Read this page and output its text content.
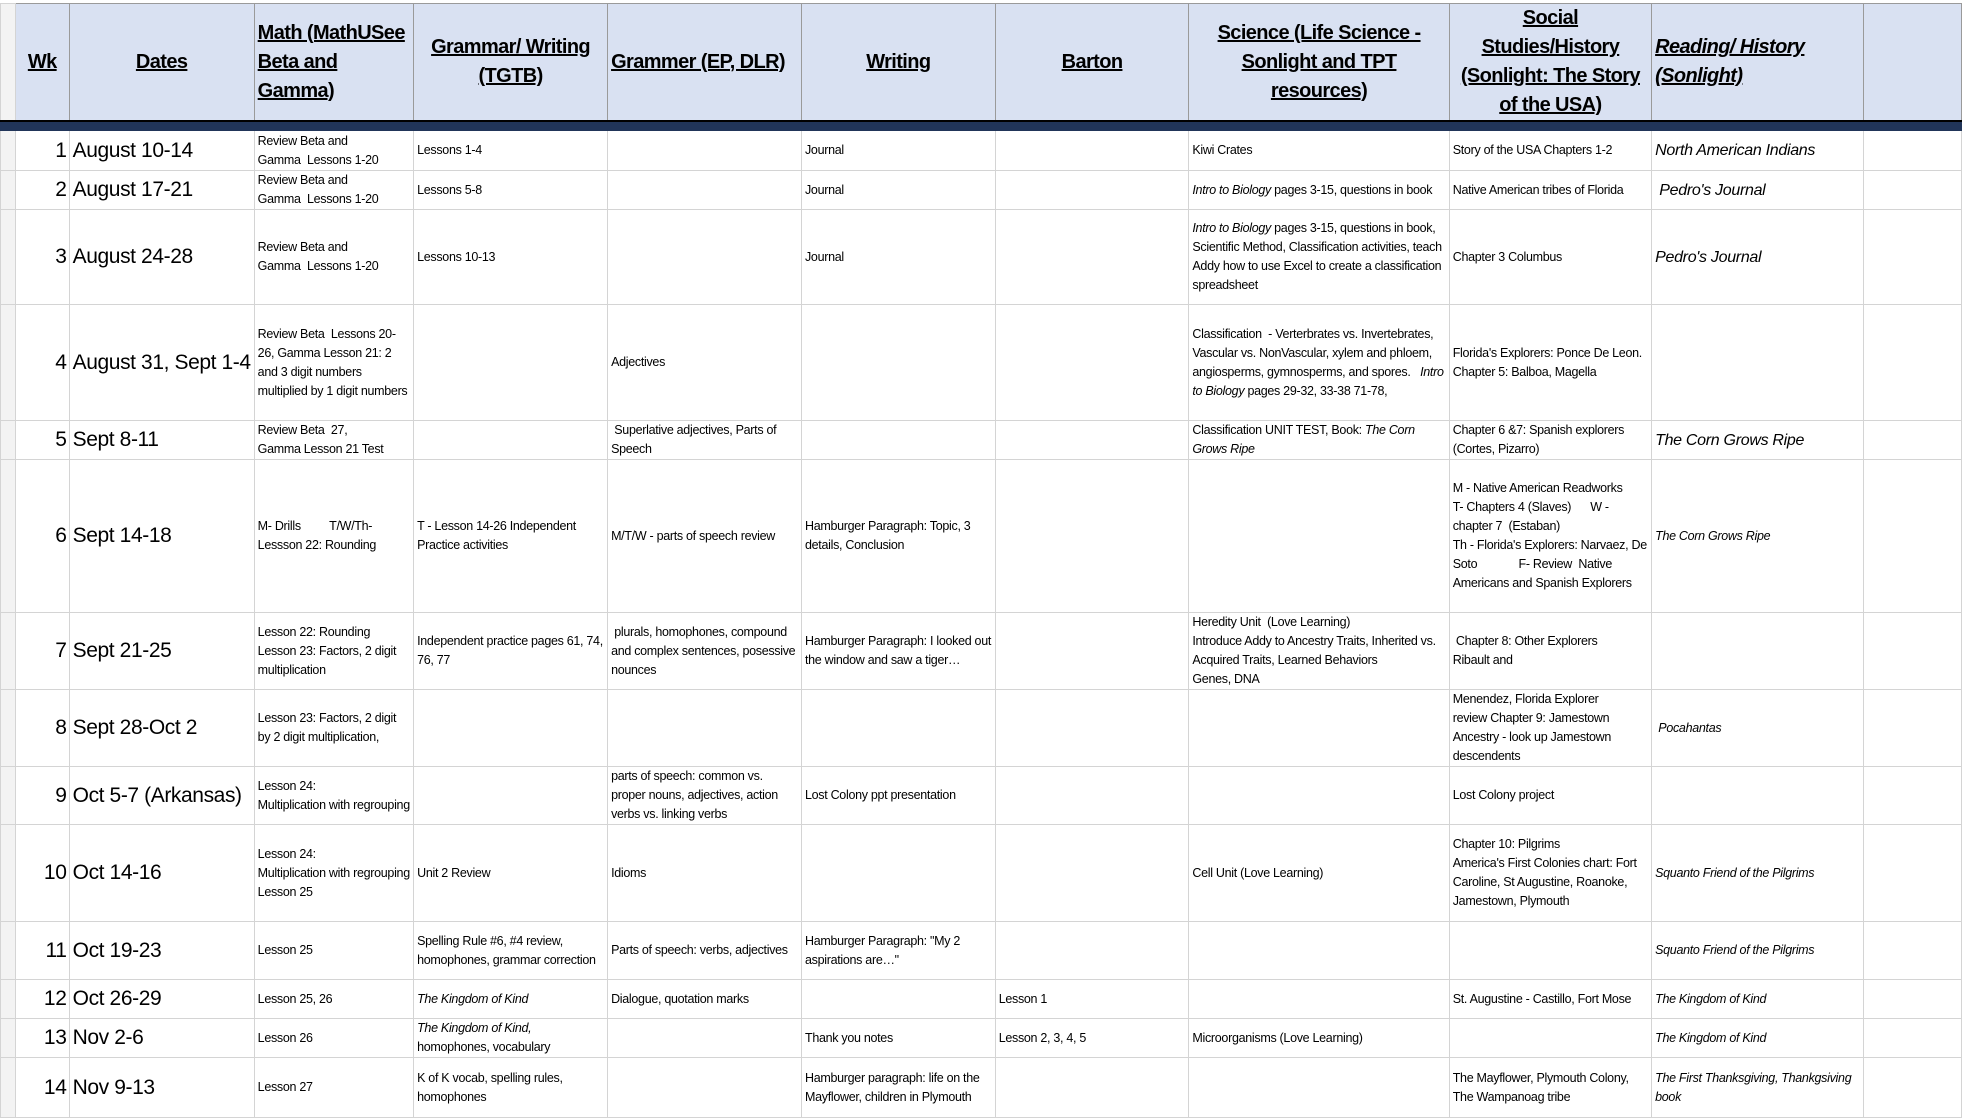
	Wk	Dates	Math (MathUSee Beta and Gamma)	Grammar/ Writing (TGTB)	Grammer (EP, DLR)	Writing	Barton	Science (Life Science - Sonlight and TPT resources)	Social Studies/History (Sonlight: The Story of the USA)	Reading/ History (Sonlight)	

	1	August 10-14	Review Beta and
Gamma  Lessons 1-20	Lessons 1-4		Journal		Kiwi Crates	Story of the USA Chapters 1-2	North American Indians	
	2	August 17-21	Review Beta and
Gamma  Lessons 1-20	Lessons 5-8		Journal		Intro to Biology pages 3-15, questions in book	Native American tribes of Florida	Pedro's Journal	
	3	August 24-28	Review Beta and
Gamma  Lessons 1-20	Lessons 10-13		Journal		Intro to Biology pages 3-15, questions in book, Scientific Method, Classification activities, teach Addy how to use Excel to create a classification spreadsheet	Chapter 3 Columbus	Pedro's Journal	
	4	August 31, Sept 1-4	Review Beta  Lessons 20-26, Gamma Lesson 21: 2 and 3 digit numbers multiplied by 1 digit numbers		Adjectives			Classification  - Verterbrates vs. Invertebrates, Vascular vs. NonVascular, xylem and phloem, angiosperms, gymnosperms, and spores.   Intro to Biology pages 29-32, 33-38 71-78,	Florida's Explorers: Ponce De Leon. Chapter 5: Balboa, Magella		
	5	Sept 8-11	Review Beta  27,
Gamma Lesson 21 Test		Superlative adjectives, Parts of Speech			Classification UNIT TEST, Book: The Corn Grows Ripe	Chapter 6 &7: Spanish explorers (Cortes, Pizarro)	The Corn Grows Ripe	
	6	Sept 14-18	M- Drills         T/W/Th- Lessson 22: Rounding	T - Lesson 14-26 Independent Practice activities	M/T/W - parts of speech review	Hamburger Paragraph: Topic, 3 details, Conclusion			M - Native American Readworks                T- Chapters 4 (Slaves)      W -chapter 7  (Estaban)
Th - Florida's Explorers: Narvaez, De Soto             F- Review  Native Americans and Spanish Explorers	The Corn Grows Ripe	
	7	Sept 21-25	Lesson 22: Rounding
Lesson 23: Factors, 2 digit multiplication	Independent practice pages 61, 74, 76, 77	plurals, homophones, compound and complex sentences, posessive nounces	Hamburger Paragraph: I looked out the window and saw a tiger…		Heredity Unit  (Love Learning)
Introduce Addy to Ancestry Traits, Inherited vs. Acquired Traits, Learned Behaviors                        Genes, DNA	Chapter 8: Other Explorers
Ribault and		
	8	Sept 28-Oct 2	Lesson 23: Factors, 2 digit by 2 digit multiplication,						Menendez, Florida Explorer
review Chapter 9: Jamestown Ancestry - look up Jamestown descendents	Pocahantas	
	9	Oct 5-7 (Arkansas)	Lesson 24:
Multiplication with regrouping		parts of speech: common vs. proper nouns, adjectives, action verbs vs. linking verbs	Lost Colony ppt presentation			Lost Colony project		
	10	Oct 14-16	Lesson 24:
Multiplication with regrouping
Lesson 25	Unit 2 Review	Idioms			Cell Unit (Love Learning)	Chapter 10: Pilgrims
America's First Colonies chart: Fort Caroline, St Augustine, Roanoke, Jamestown, Plymouth	Squanto Friend of the Pilgrims	
	11	Oct 19-23	Lesson 25	Spelling Rule #6, #4 review, homophones, grammar correction	Parts of speech: verbs, adjectives	Hamburger Paragraph: "My 2 aspirations are…"				Squanto Friend of the Pilgrims	
	12	Oct 26-29	Lesson 25, 26	The Kingdom of Kind	Dialogue, quotation marks		Lesson 1		St. Augustine - Castillo, Fort Mose	The Kingdom of Kind	
	13	Nov 2-6	Lesson 26	The Kingdom of Kind, homophones, vocabulary		Thank you notes	Lesson 2, 3, 4, 5	Microorganisms (Love Learning)		The Kingdom of Kind	
	14	Nov 9-13	Lesson 27	K of K vocab, spelling rules, homophones		Hamburger paragraph: life on the Mayflower, children in Plymouth			The Mayflower, Plymouth Colony, The Wampanoag tribe	The First Thanksgiving, Thankgsiving book	
